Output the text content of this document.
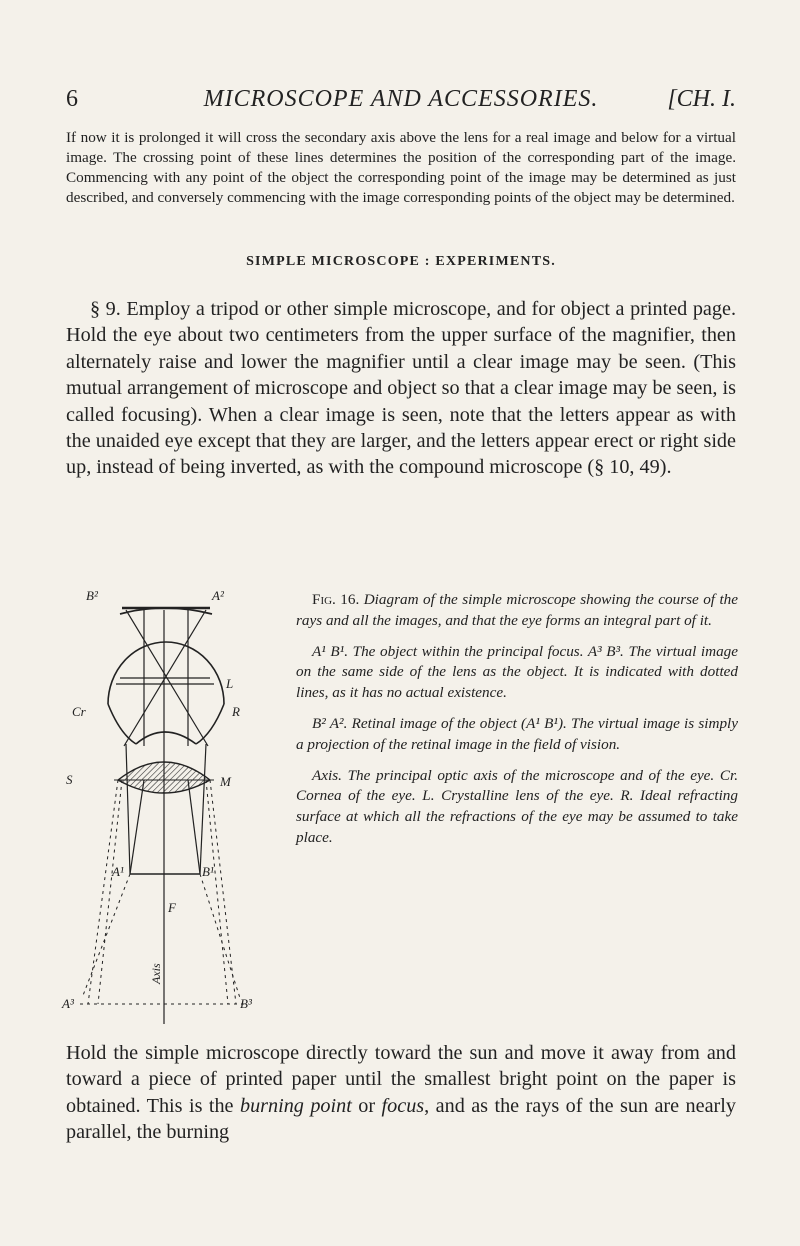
6	MICROSCOPE AND ACCESSORIES.	[CH. I.

If now it is prolonged it will cross the secondary axis above the lens for a real image and below for a virtual image. The crossing point of these lines determines the position of the corresponding part of the image. Commencing with any point of the object the corresponding point of the image may be determined as just described, and conversely commencing with the image corresponding points of the object may be determined.

SIMPLE MICROSCOPE : EXPERIMENTS.

§ 9. Employ a tripod or other simple microscope, and for object a printed page. Hold the eye about two centimeters from the upper surface of the magnifier, then alternately raise and lower the magnifier until a clear image may be seen. (This mutual arrangement of microscope and object so that a clear image may be seen, is called focusing). When a clear image is seen, note that the letters appear as with the unaided eye except that they are larger, and the letters appear erect or right side up, instead of being inverted, as with the compound microscope (§ 10, 49).

B²	A²
Cr
L
R
S	M
A¹	B¹
F
Axis
A³	B³

Fig. 16. Diagram of the simple microscope showing the course of the rays and all the images, and that the eye forms an integral part of it.

A¹ B¹. The object within the principal focus. A³ B³. The virtual image on the same side of the lens as the object. It is indicated with dotted lines, as it has no actual existence.

B² A². Retinal image of the object (A¹ B¹). The virtual image is simply a projection of the retinal image in the field of vision.

Axis. The principal optic axis of the microscope and of the eye. Cr. Cornea of the eye. L. Crystalline lens of the eye. R. Ideal refracting surface at which all the refractions of the eye may be assumed to take place.

Hold the simple microscope directly toward the sun and move it away from and toward a piece of printed paper until the smallest bright point on the paper is obtained. This is the burning point or focus, and as the rays of the sun are nearly parallel, the burning
